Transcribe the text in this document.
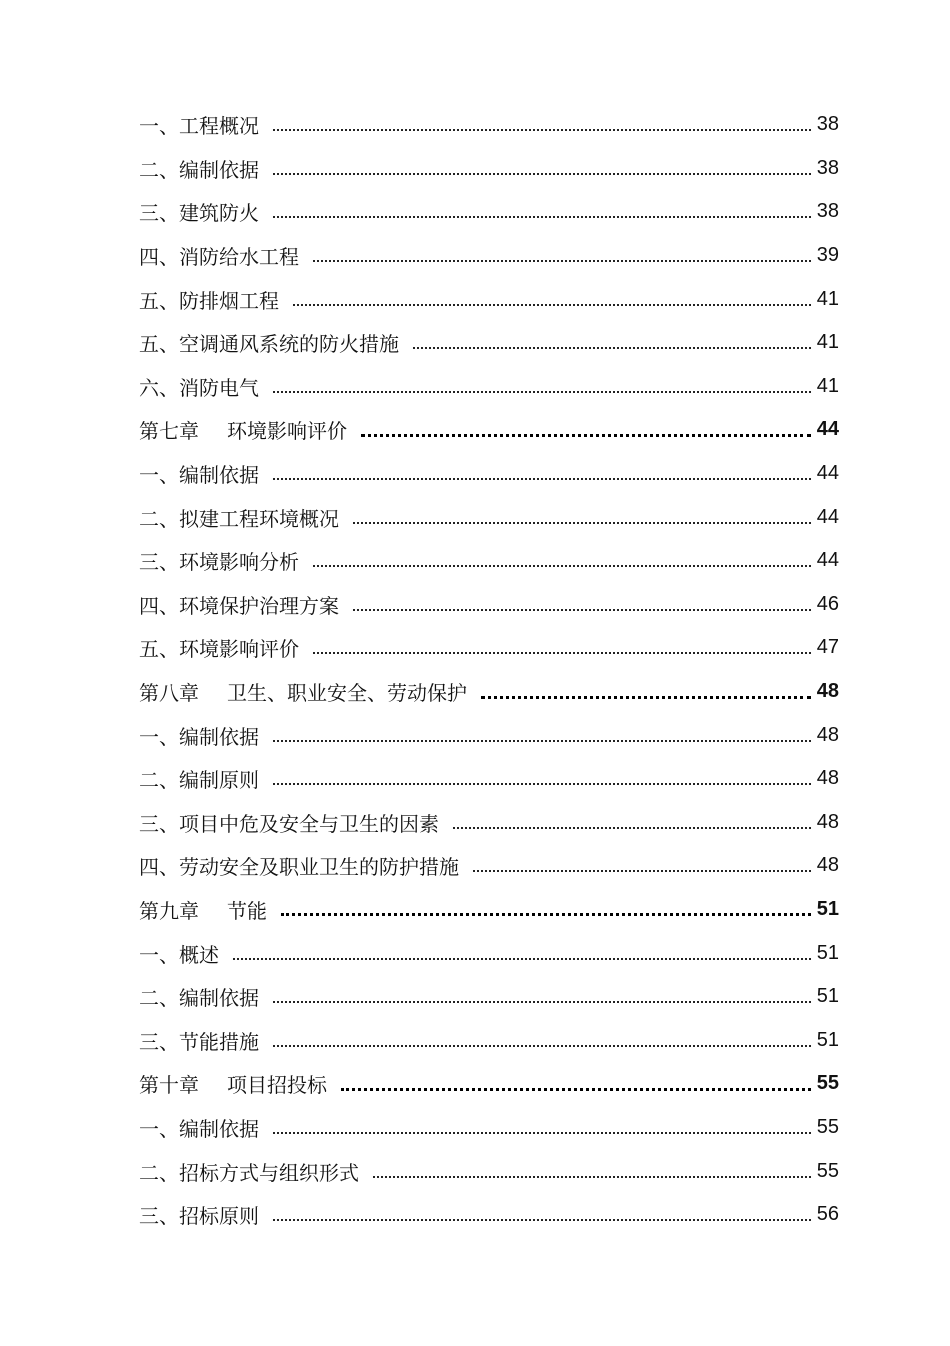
一、工程概况	38
二、编制依据	38
三、建筑防火	38
四、消防给水工程	39
五、防排烟工程	41
五、空调通风系统的防火措施	41
六、消防电气	41
第七章 环境影响评价	44
一、编制依据	44
二、拟建工程环境概况	44
三、环境影响分析	44
四、环境保护治理方案	46
五、环境影响评价	47
第八章 卫生、职业安全、劳动保护	48
一、编制依据	48
二、编制原则	48
三、项目中危及安全与卫生的因素	48
四、劳动安全及职业卫生的防护措施	48
第九章 节能	51
一、概述	51
二、编制依据	51
三、节能措施	51
第十章 项目招投标	55
一、编制依据	55
二、招标方式与组织形式	55
三、招标原则	56
